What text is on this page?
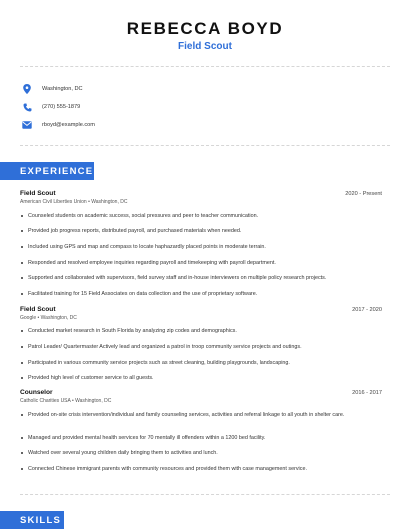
REBECCA BOYD
Field Scout
Washington, DC
(270) 555-1879
rboyd@example.com
EXPERIENCE
Field Scout	2020 - Present
American Civil Liberties Union • Washington, DC
Counseled students on academic success, social pressures and peer to teacher communication.
Provided job progress reports, distributed payroll, and purchased materials when needed.
Included using GPS and map and compass to locate haphazardly placed points in moderate terrain.
Responded and resolved employee inquiries regarding payroll and timekeeping with payroll department.
Supported and collaborated with supervisors, field survey staff and in-house interviewers on multiple policy research projects.
Facilitated training for 15 Field Associates on data collection and the use of proprietary software.
Field Scout	2017 - 2020
Google • Washington, DC
Conducted market research in South Florida by analyzing zip codes and demographics.
Patrol Leader/ Quartermaster Actively lead and organized a patrol in troop community service projects and outings.
Participated in various community service projects such as street cleaning, building playgrounds, landscaping.
Provided high level of customer service to all guests.
Counselor	2016 - 2017
Catholic Charities USA • Washington, DC
Provided on-site crisis intervention/individual and family counseling services, activities and referral linkage to all youth in shelter care.
Managed and provided mental health services for 70 mentally ill offenders within a 1200 bed facility.
Watched over several young children daily bringing them to activities and lunch.
Connected Chinese immigrant parents with community resources and provided them with case management service.
SKILLS
